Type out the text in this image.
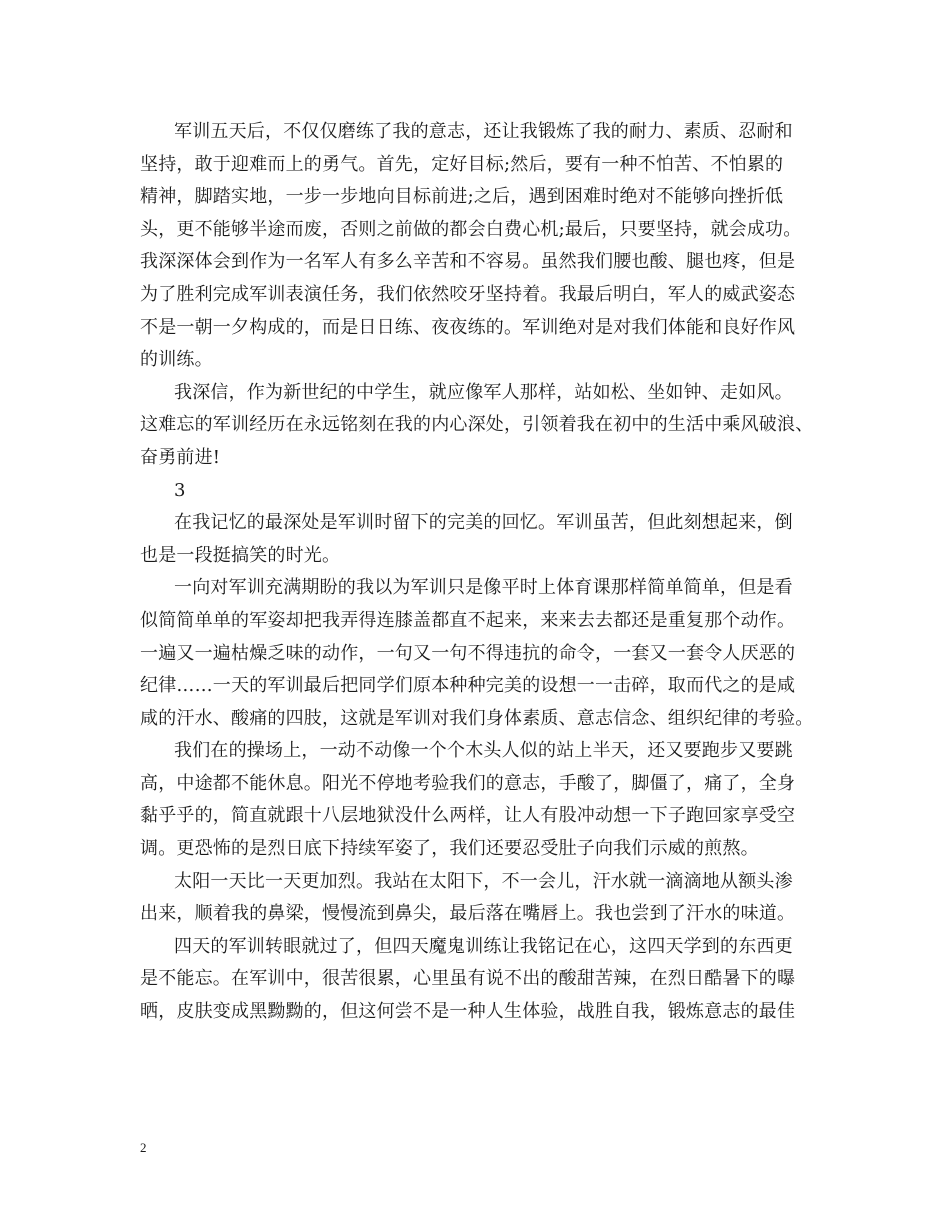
军训五天后，不仅仅磨练了我的意志，还让我锻炼了我的耐力、素质、忍耐和
坚持，敢于迎难而上的勇气。首先，定好目标;然后，要有一种不怕苦、不怕累的
精神，脚踏实地，一步一步地向目标前进;之后，遇到困难时绝对不能够向挫折低
头，更不能够半途而废，否则之前做的都会白费心机;最后，只要坚持，就会成功。
我深深体会到作为一名军人有多么辛苦和不容易。虽然我们腰也酸、腿也疼，但是
为了胜利完成军训表演任务，我们依然咬牙坚持着。我最后明白，军人的威武姿态
不是一朝一夕构成的，而是日日练、夜夜练的。军训绝对是对我们体能和良好作风
的训练。
我深信，作为新世纪的中学生，就应像军人那样，站如松、坐如钟、走如风。
这难忘的军训经历在永远铭刻在我的内心深处，引领着我在初中的生活中乘风破浪、
奋勇前进!
3
在我记忆的最深处是军训时留下的完美的回忆。军训虽苦，但此刻想起来，倒
也是一段挺搞笑的时光。
一向对军训充满期盼的我以为军训只是像平时上体育课那样简单简单，但是看
似简简单单的军姿却把我弄得连膝盖都直不起来，来来去去都还是重复那个动作。
一遍又一遍枯燥乏味的动作，一句又一句不得违抗的命令，一套又一套令人厌恶的
纪律……一天的军训最后把同学们原本种种完美的设想一一击碎，取而代之的是咸
咸的汗水、酸痛的四肢，这就是军训对我们身体素质、意志信念、组织纪律的考验。
我们在的操场上，一动不动像一个个木头人似的站上半天，还又要跑步又要跳
高，中途都不能休息。阳光不停地考验我们的意志，手酸了，脚僵了，痛了，全身
黏乎乎的，简直就跟十八层地狱没什么两样，让人有股冲动想一下子跑回家享受空
调。更恐怖的是烈日底下持续军姿了，我们还要忍受肚子向我们示威的煎熬。
太阳一天比一天更加烈。我站在太阳下，不一会儿，汗水就一滴滴地从额头渗
出来，顺着我的鼻梁，慢慢流到鼻尖，最后落在嘴唇上。我也尝到了汗水的味道。
四天的军训转眼就过了，但四天魔鬼训练让我铭记在心，这四天学到的东西更
是不能忘。在军训中，很苦很累，心里虽有说不出的酸甜苦辣，在烈日酷暑下的曝
晒，皮肤变成黑黝黝的，但这何尝不是一种人生体验，战胜自我，锻炼意志的最佳
2
